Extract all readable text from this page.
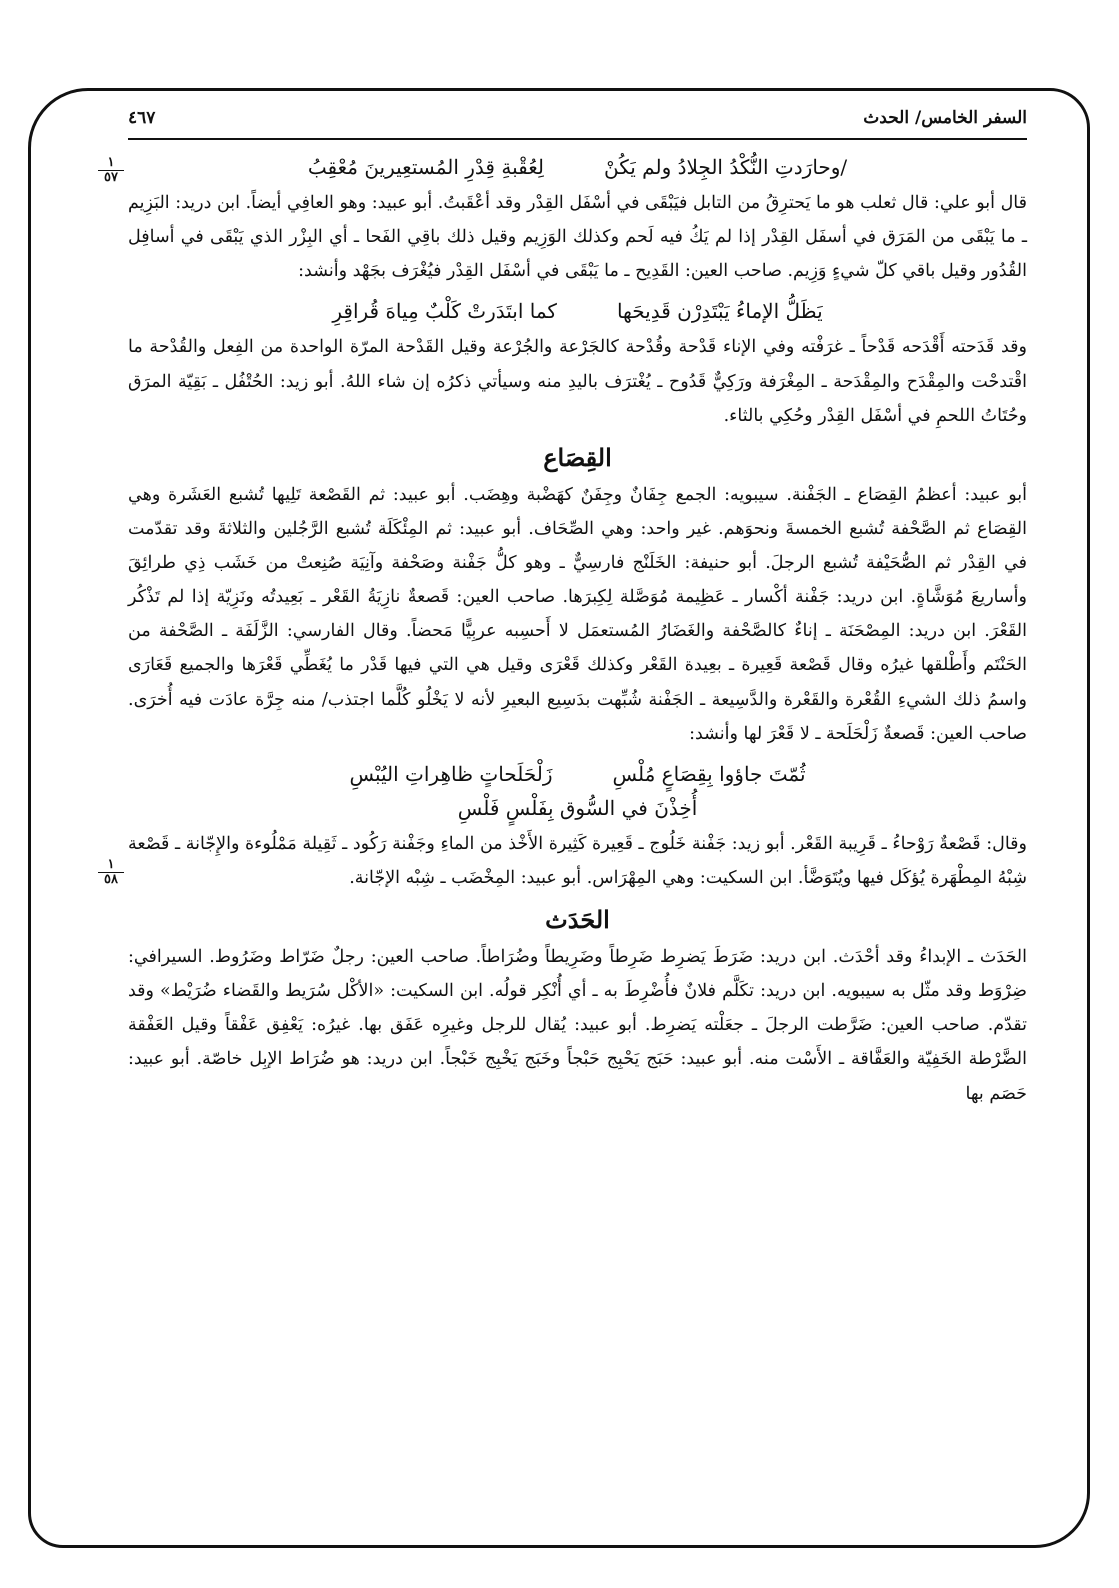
السفر الخامس/ الحدث
٤٦٧
١
٥٧	/وحارَدتِ النُّكْدُ الجِلادُ ولم يَكُنْ
لِعُقْبةِ قِدْرِ المُستعِيرينَ مُعْقِبُ

قال أبو علي: قال ثعلب هو ما يَحترِقُ من التابل فيَبْقَى في أسْفَل القِدْر وقد أعْقَبتُ. أبو عبيد: وهو العافِي أيضاً. ابن دريد: البَزِيم ـ ما يَبْقَى من المَرَق في أسفَل القِدْر إذا لم يَكُ فيه لَحم وكذلك الوَزِيم وقيل ذلك باقِي الفَحا ـ أي البِزْر الذي يَبْقَى في أسافِل القُدُور وقيل باقي كلّ شيءٍ وَزِيم. صاحب العين: القَدِيح ـ ما يَبْقَى في أسْفَل القِدْر فيُغْرَف بجَهْد وأنشد:

يَظَلُّ الإماءُ يَبْتَدِرْن قَدِيحَها
كما ابتَدَرتْ كَلْبٌ مِياهَ قُراقِرِ

وقد قَدَحته أَقْدَحه قَدْحاً ـ غرَفْته وفي الإناء قَدْحة وقُدْحة كالجَرْعة والجُرْعة وقيل القَدْحة المرّة الواحدة من الفِعل والقُدْحة ما اقْتدحْت والمِقْدَح والمِقْدَحة ـ المِغْرَفة ورَكِيٌّ قَدُوح ـ يُغْترَف باليدِ منه وسيأتي ذكرُه إن شاء اللهُ. أبو زيد: الحُتْفُل ـ بَقِيّة المرَق وحُتَاتُ اللحمِ في أسْفَل القِدْر وحُكِي بالثاء.

القِصَاع
١
٥٨

أبو عبيد: أعظمُ القِصَاع ـ الجَفْنة. سيبويه: الجمع جِفَانٌ وجِفَنٌ كهَضْبة وهِضَب. أبو عبيد: ثم القَصْعة تَلِيها تُشبع العَشَرة وهي القِصَاع ثم الصَّحْفة تُشبع الخمسةَ ونحوَهم. غير واحد: وهي الصِّحَاف. أبو عبيد: ثم المِئْكَلَة تُشبع الرَّجُلين والثلاثةَ وقد تقدّمت في القِدْر ثم الصُّحَيْفة تُشبع الرجلَ. أبو حنيفة: الخَلَنْج فارسِيٌّ ـ وهو كلُّ جَفْنة وصَحْفة وآنِيَة صُنِعتْ من خَشَب ذِي طرائِقَ وأساريعَ مُوَشَّاةٍ. ابن دريد: جَفْنة أكْسار ـ عَظِيمة مُوَصَّلة لِكِبرَها. صاحب العين: قَصعةٌ نازِيَةُ القَعْر ـ بَعِيدتُه ونَزِيّة إذا لم تَذْكُر القَعْرَ. ابن دريد: المِصْحَنَة ـ إناءٌ كالصَّحْفة والغَضَارُ المُستعمَل لا أَحسِبه عربِيًّا مَحضاً. وقال الفارسي: الزَّلَفَة ـ الصَّحْفة من الحَنْتَم وأَطْلقها غيرُه وقال قَصْعة قَعِيرة ـ بعِيدة القَعْر وكذلك قَعْرَى وقيل هي التي فيها قَدْر ما يُغَطِّي قَعْرَها والجميع قَعَارَى واسمُ ذلك الشيءِ القُعْرة والقَعْرة والدَّسِيعة ـ الجَفْنة شُبِّهت بدَسِيع البعيرِ لأنه لا يَخْلُو كُلَّما اجتذب/ منه جِرَّة عادَت فيه أُخرَى. صاحب العين: قَصعةٌ زَلْحَلَحة ـ لا قَعْرَ لها وأنشد:

ثُمّتَ جاؤوا بِقِصَاعٍ مُلْسِ
زَلْحَلَحاتٍ ظاهِراتِ اليُبْسِ
أُخِذْنَ في السُّوق بِفَلْسٍ فَلْسِ

وقال: قَصْعةٌ رَوْحاءُ ـ قَرِيبة القَعْر. أبو زيد: جَفْنة خَلُوج ـ قَعِيرة كَثِيرة الأَخْذ من الماءِ وجَفْنة رَكُود ـ ثَقِيلة مَمْلُوءة والإِجّانة ـ قَصْعة شِبْهُ المِطْهَرة يُؤكَل فيها ويُتَوَضَّأ. ابن السكيت: وهي المِهْرَاس. أبو عبيد: المِخْضَب ـ شِبْه الإجّانة.

الحَدَث

الحَدَث ـ الإبداءُ وقد أحْدَث. ابن دريد: ضَرَطَ يَضرِط ضَرِطاً وضَرِيطاً وضُرَاطاً. صاحب العين: رجلٌ ضَرّاط وضَرُوط. السيرافي: ضِرْوَط وقد مثّل به سيبويه. ابن دريد: تكَلَّم فلانٌ فأُضْرِطَ به ـ أي أُنْكِر قولُه. ابن السكيت: «الأكْل سُرَيط والقَضاء ضُرَيْط» وقد تقدّم. صاحب العين: ضَرَّطت الرجلَ ـ جعَلْته يَضرِط. أبو عبيد: يُقال للرجل وغيرِه عَفَق بها. غيرُه: يَعْفِق عَفْقاً وقيل العَفْقة الضَّرْطة الخَفِيّة والعَفَّاقة ـ الأَسْت منه. أبو عبيد: حَبَج يَحْبِج حَبْجاً وخَبَج يَخْبِج خَبْجاً. ابن دريد: هو ضُرَاط الإبِل خاصّة. أبو عبيد: حَصَم بها
